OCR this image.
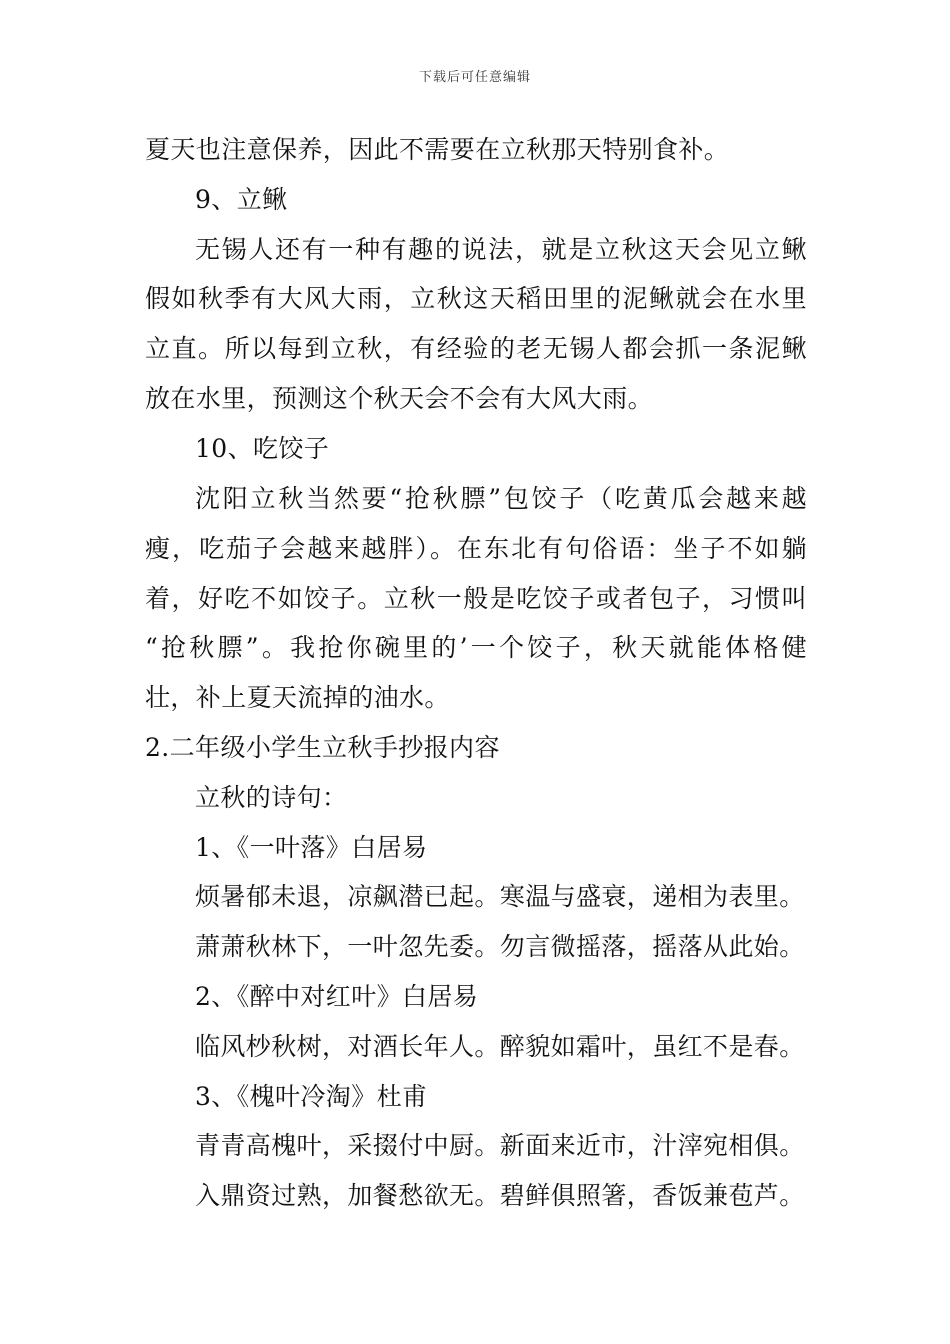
下载后可任意编辑
夏天也注意保养，因此不需要在立秋那天特别食补。
9、立鳅
无锡人还有一种有趣的说法，就是立秋这天会见立鳅
假如秋季有大风大雨，立秋这天稻田里的泥鳅就会在水里
立直。所以每到立秋，有经验的老无锡人都会抓一条泥鳅
放在水里，预测这个秋天会不会有大风大雨。
10、吃饺子
沈阳立秋当然要“抢秋膘”包饺子（吃黄瓜会越来越
瘦，吃茄子会越来越胖）。在东北有句俗语：坐子不如躺
着，好吃不如饺子。立秋一般是吃饺子或者包子，习惯叫
“抢秋膘”。我抢你碗里的’一个饺子，秋天就能体格健
壮，补上夏天流掉的油水。
2.二年级小学生立秋手抄报内容
立秋的诗句：
1、《一叶落》白居易
烦暑郁未退，凉飙潜已起。寒温与盛衰，递相为表里。
萧萧秋林下，一叶忽先委。勿言微摇落，摇落从此始。
2、《醉中对红叶》白居易
临风杪秋树，对酒长年人。醉貌如霜叶，虽红不是春。
3、《槐叶冷淘》杜甫
青青高槐叶，采掇付中厨。新面来近市，汁滓宛相俱。
入鼎资过熟，加餐愁欲无。碧鲜俱照箸，香饭兼苞芦。
